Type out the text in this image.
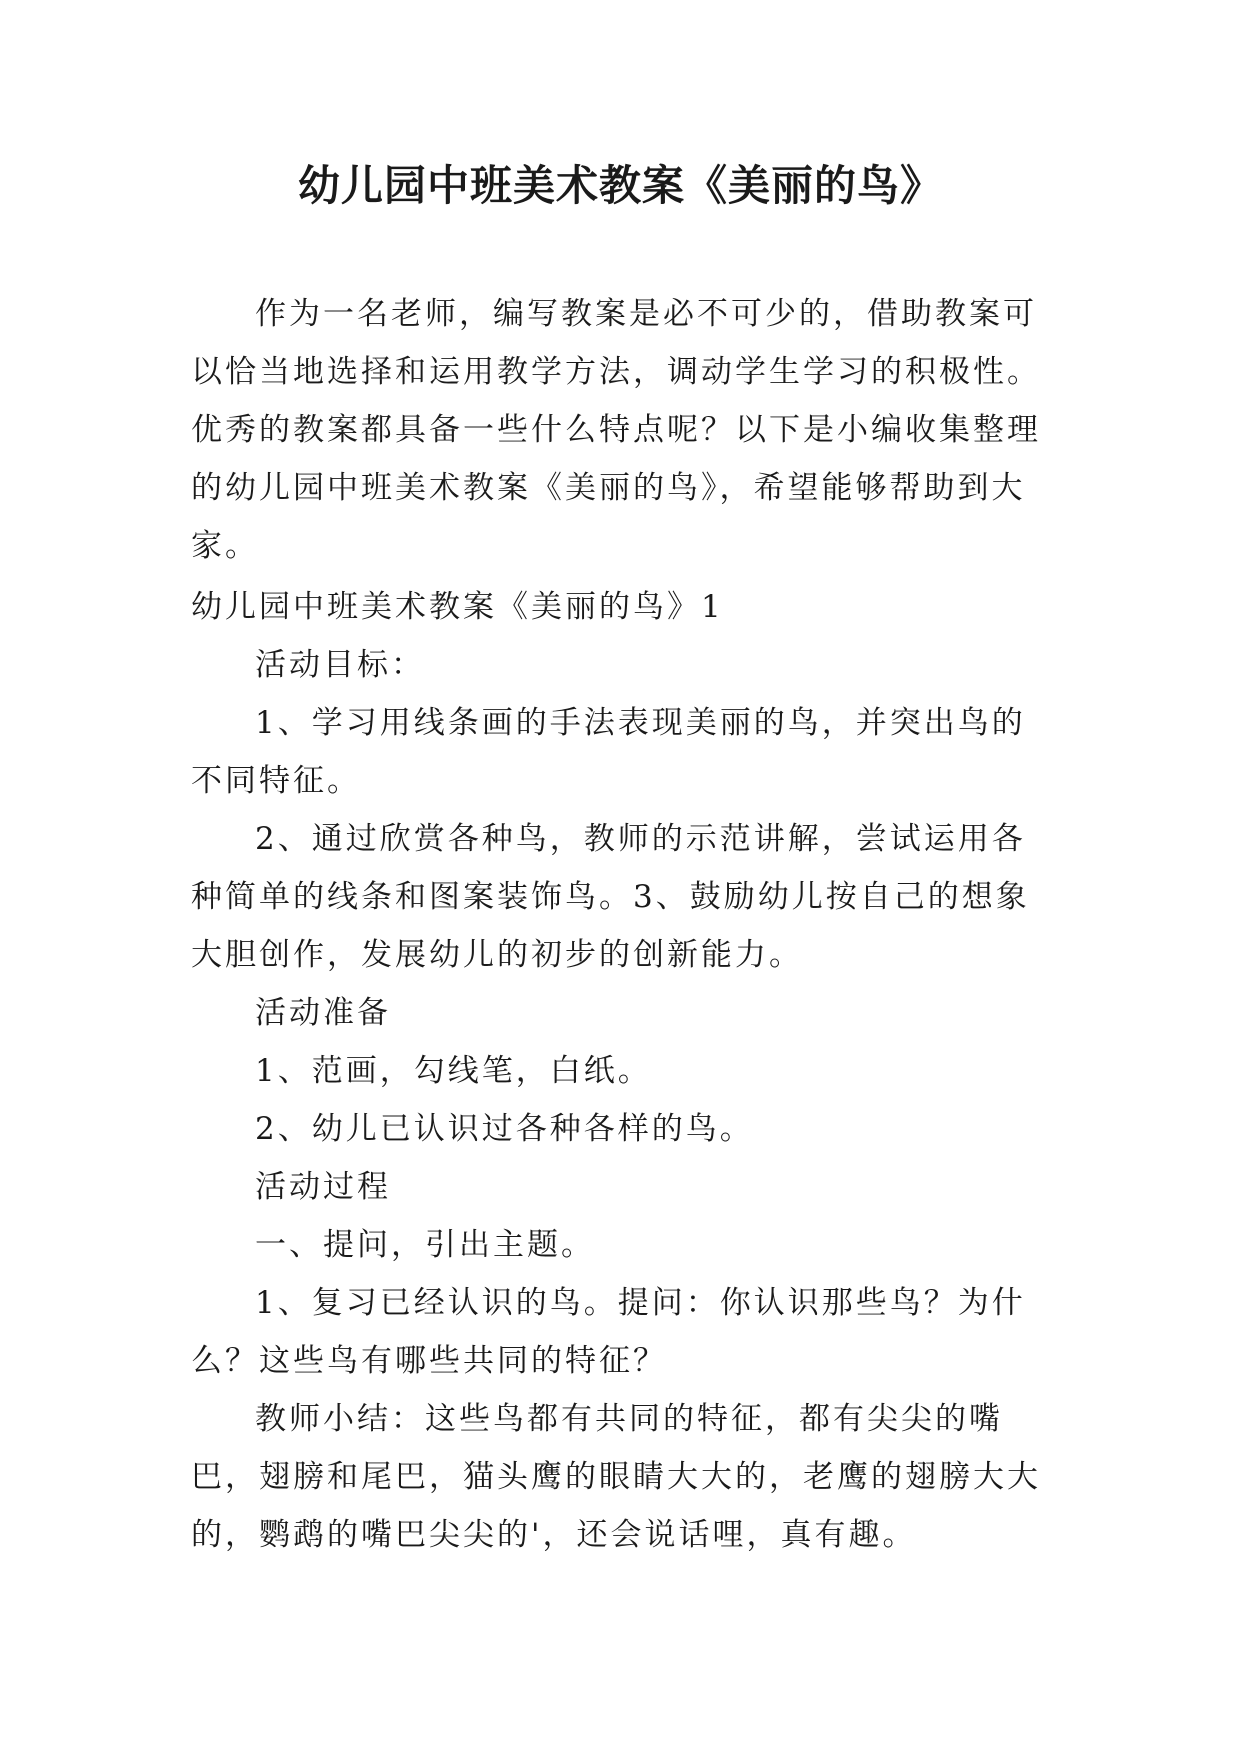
幼儿园中班美术教案《美丽的鸟》

作为一名老师，编写教案是必不可少的，借助教案可以恰当地选择和运用教学方法，调动学生学习的积极性。优秀的教案都具备一些什么特点呢？以下是小编收集整理的幼儿园中班美术教案《美丽的鸟》，希望能够帮助到大家。

幼儿园中班美术教案《美丽的鸟》1

活动目标：

1、学习用线条画的手法表现美丽的鸟，并突出鸟的不同特征。

2、通过欣赏各种鸟，教师的示范讲解，尝试运用各种简单的线条和图案装饰鸟。3、鼓励幼儿按自己的想象大胆创作，发展幼儿的初步的创新能力。

活动准备

1、范画，勾线笔，白纸。

2、幼儿已认识过各种各样的鸟。

活动过程

一、提问，引出主题。

1、复习已经认识的鸟。提问：你认识那些鸟？为什么？这些鸟有哪些共同的特征？

教师小结：这些鸟都有共同的特征，都有尖尖的嘴巴，翅膀和尾巴，猫头鹰的眼睛大大的，老鹰的翅膀大大的，鹦鹉的嘴巴尖尖的'，还会说话哩，真有趣。
